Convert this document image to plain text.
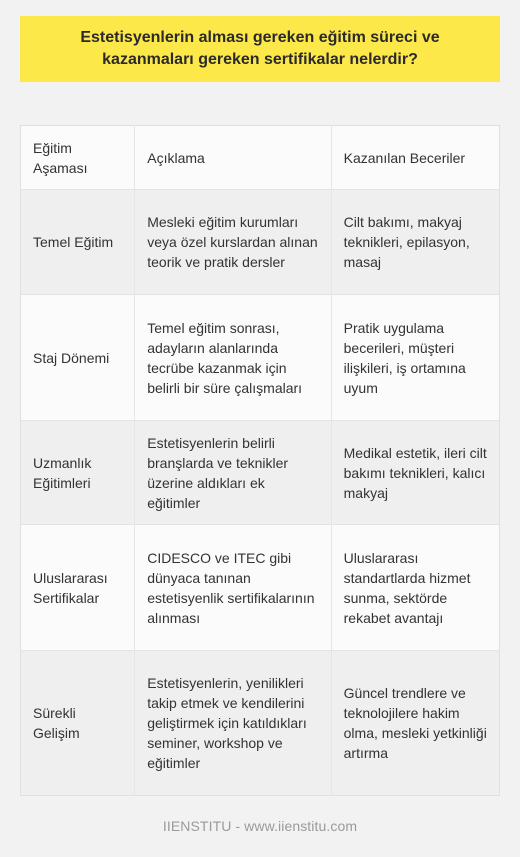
Estetisyenlerin alması gereken eğitim süreci ve kazanmaları gereken sertifikalar nelerdir?
Eğitim Aşaması	Açıklama	Kazanılan Beceriler
Temel Eğitim	Mesleki eğitim kurumları veya özel kurslardan alınan teorik ve pratik dersler	Cilt bakımı, makyaj teknikleri, epilasyon, masaj
Staj Dönemi	Temel eğitim sonrası, adayların alanlarında tecrübe kazanmak için belirli bir süre çalışmaları	Pratik uygulama becerileri, müşteri ilişkileri, iş ortamına uyum
Uzmanlık Eğitimleri	Estetisyenlerin belirli branşlarda ve teknikler üzerine aldıkları ek eğitimler	Medikal estetik, ileri cilt bakımı teknikleri, kalıcı makyaj
Uluslararası Sertifikalar	CIDESCO ve ITEC gibi dünyaca tanınan estetisyenlik sertifikalarının alınması	Uluslararası standartlarda hizmet sunma, sektörde rekabet avantajı
Sürekli Gelişim	Estetisyenlerin, yenilikleri takip etmek ve kendilerini geliştirmek için katıldıkları seminer, workshop ve eğitimler	Güncel trendlere ve teknolojilere hakim olma, mesleki yetkinliği artırma
IIENSTITU - www.iienstitu.com
